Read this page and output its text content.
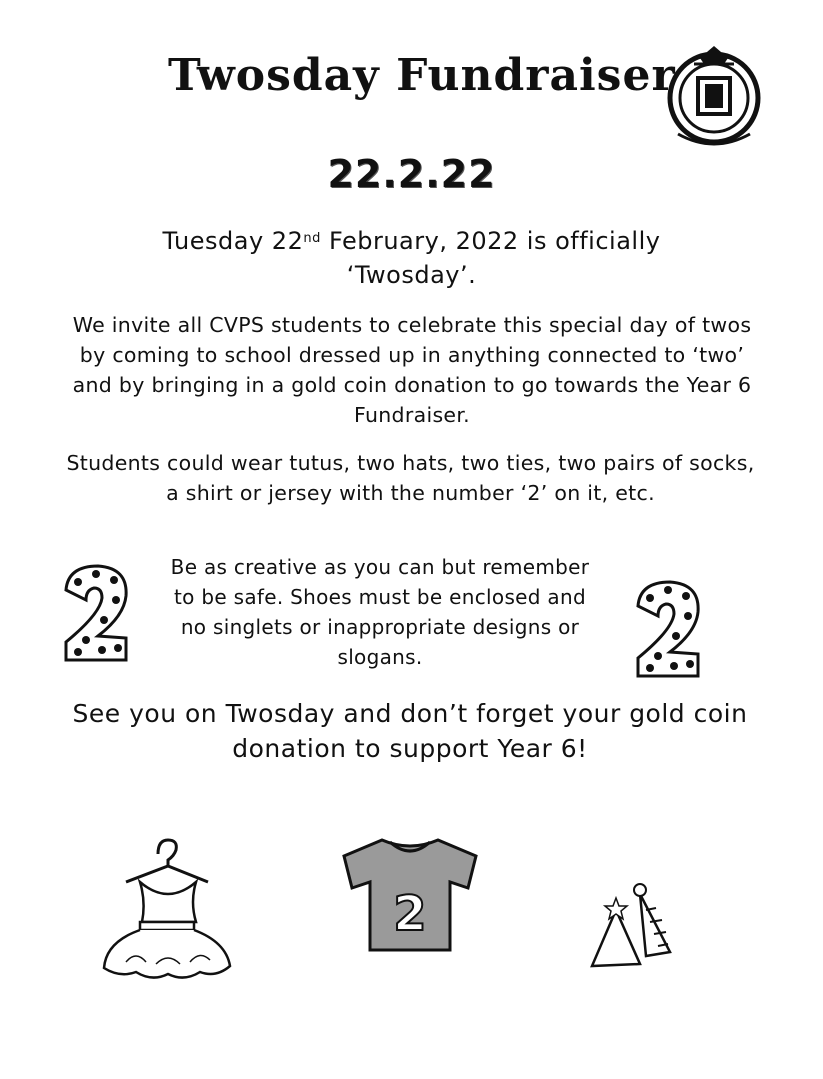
Twosday Fundraiser
22.2.22
Tuesday 22nd February, 2022 is officially
‘Twosday’.
We invite all CVPS students to celebrate this special day of twos by coming to school dressed up in anything connected to ‘two’ and by bringing in a gold coin donation to go towards the Year 6 Fundraiser.
Students could wear tutus, two hats, two ties, two pairs of socks, a shirt or jersey with the number ‘2’ on it, etc.
Be as creative as you can but remember to be safe. Shoes must be enclosed and no singlets or inappropriate designs or slogans.
See you on Twosday and don’t forget your gold coin donation to support Year 6!
2
